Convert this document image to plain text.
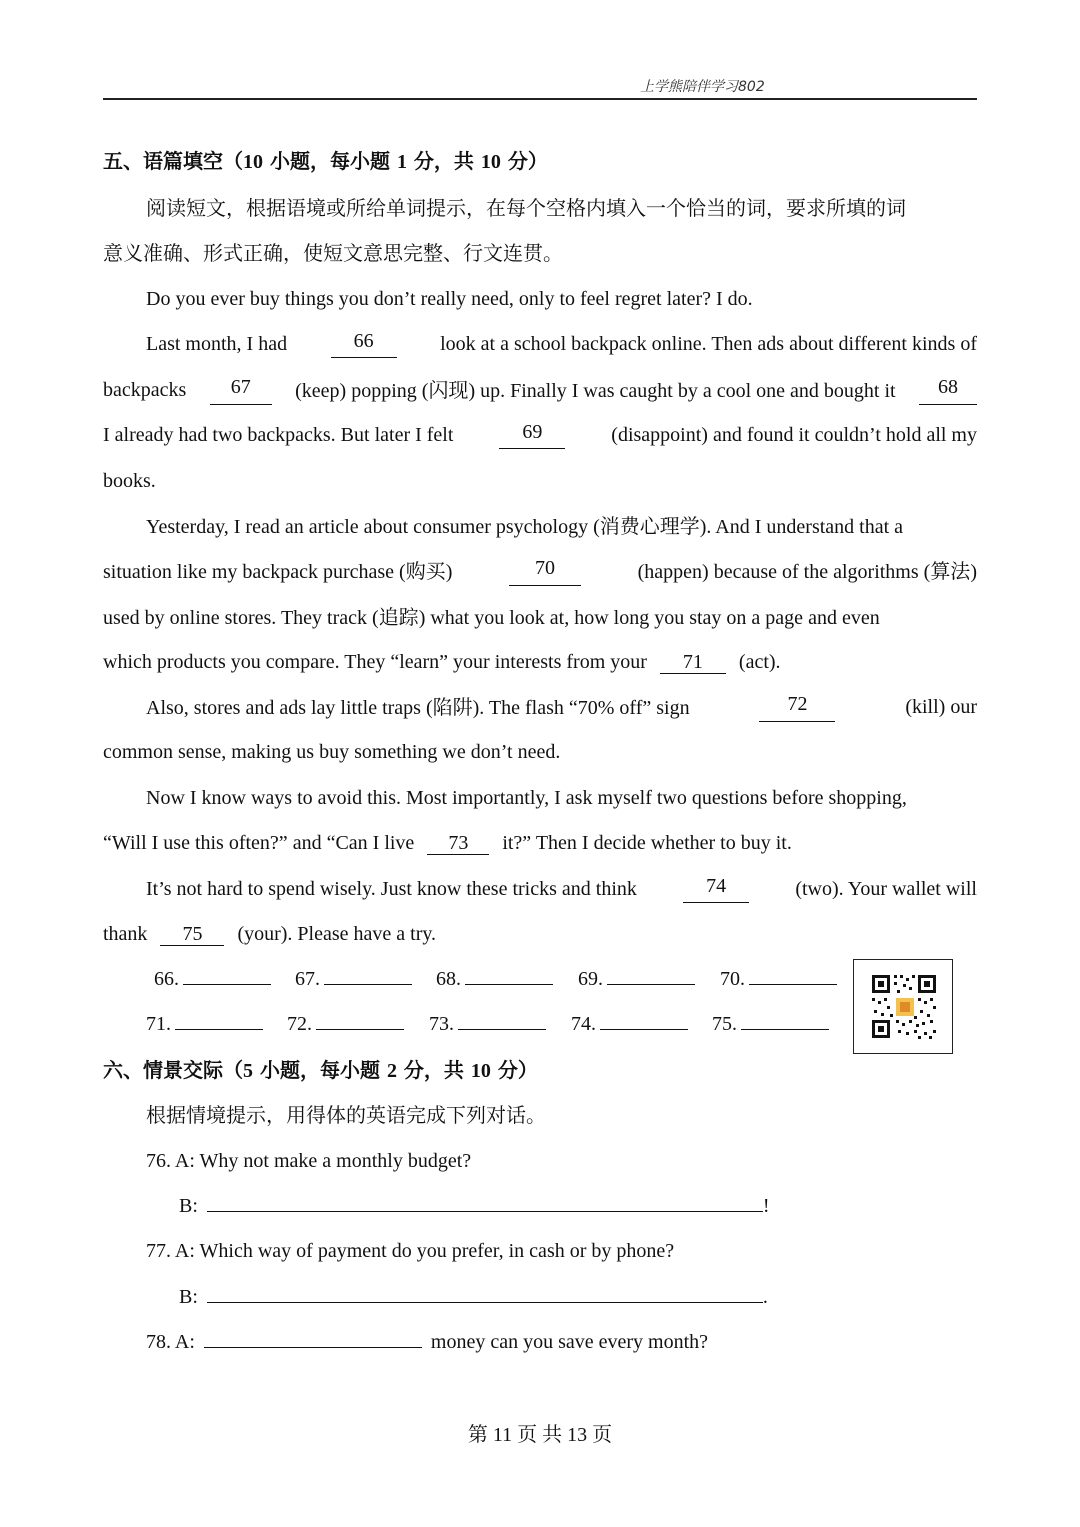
上学熊陪伴学习802
五、语篇填空（10 小题，每小题 1 分，共 10 分）
阅读短文，根据语境或所给单词提示，在每个空格内填入一个恰当的词，要求所填的词
意义准确、形式正确，使短文意思完整、行文连贯。
Do you ever buy things you don’t really need, only to feel regret later? I do.
Last month, I had	66	look at a school backpack online. Then ads about different kinds of
backpacks	67	(keep) popping (闪现) up. Finally I was caught by a cool one and bought it	68
I already had two backpacks. But later I felt	69	(disappoint) and found it couldn’t hold all my
books.
Yesterday, I read an article about consumer psychology (消费心理学). And I understand that a
situation like my backpack purchase (购买)	70	(happen) because of the algorithms (算法)
used by online stores. They track (追踪) what you look at, how long you stay on a page and even
which products you compare. They “learn” your interests from your 71 (act).
Also, stores and ads lay little traps (陷阱). The flash “70% off” sign	72	(kill) our
common sense, making us buy something we don’t need.
Now I know ways to avoid this. Most importantly, I ask myself two questions before shopping,
“Will I use this often?” and “Can I live 73 it?” Then I decide whether to buy it.
It’s not hard to spend wisely. Just know these tricks and think	74	(two). Your wallet will
thank 75 (your). Please have a try.
66.	67.	68.	69.	70.
71.	72.	73.	74.	75.
六、情景交际（5 小题，每小题 2 分，共 10 分）
根据情境提示，用得体的英语完成下列对话。
76. A: Why not make a monthly budget?
B:	!
77. A: Which way of payment do you prefer, in cash or by phone?
B:	.
78. A:	money can you save every month?
第 11 页 共 13 页
